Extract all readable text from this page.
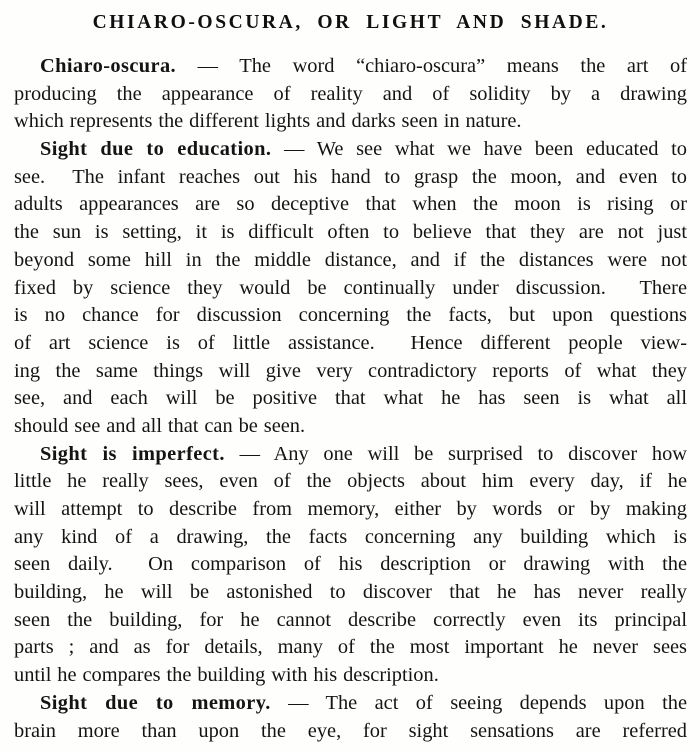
CHIARO-OSCURA, OR LIGHT AND SHADE.
Chiaro-oscura. — The word “chiaro-oscura” means the art of
producing the appearance of reality and of solidity by a drawing
which represents the different lights and darks seen in nature.
Sight due to education. — We see what we have been educated to
see.  The infant reaches out his hand to grasp the moon, and even to
adults appearances are so deceptive that when the moon is rising or
the sun is setting, it is difficult often to believe that they are not just
beyond some hill in the middle distance, and if the distances were not
fixed by science they would be continually under discussion.  There
is no chance for discussion concerning the facts, but upon questions
of art science is of little assistance.  Hence different people view-
ing the same things will give very contradictory reports of what they
see, and each will be positive that what he has seen is what all
should see and all that can be seen.
Sight is imperfect. — Any one will be surprised to discover how
little he really sees, even of the objects about him every day, if he
will attempt to describe from memory, either by words or by making
any kind of a drawing, the facts concerning any building which is
seen daily.  On comparison of his description or drawing with the
building, he will be astonished to discover that he has never really
seen the building, for he cannot describe correctly even its principal
parts ; and as for details, many of the most important he never sees
until he compares the building with his description.
Sight due to memory. — The act of seeing depends upon the
brain more than upon the eye, for sight sensations are referred
